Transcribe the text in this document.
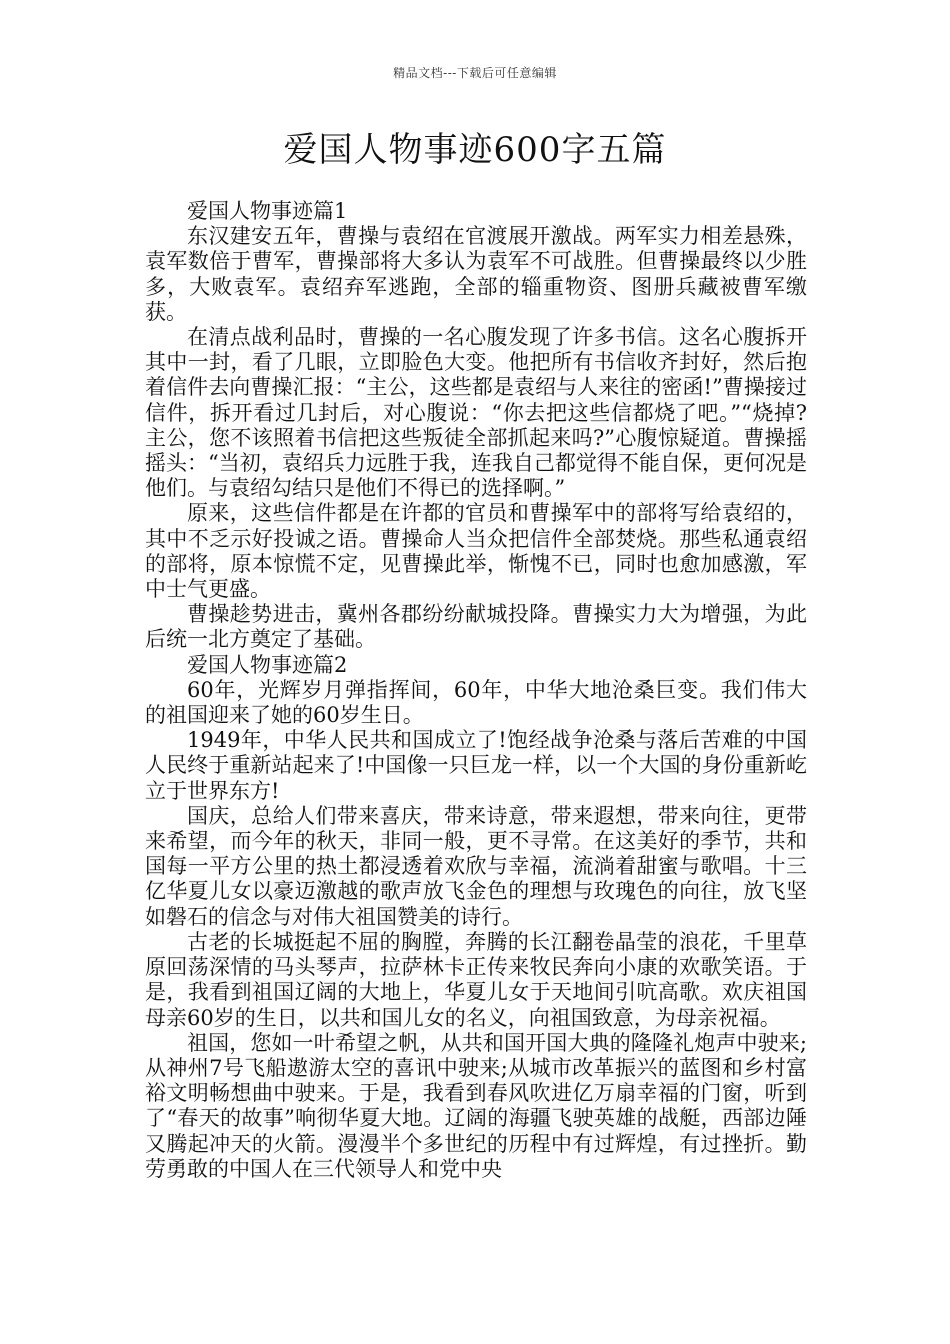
精品文档---下载后可任意编辑
爱国人物事迹600字五篇

爱国人物事迹篇1

东汉建安五年，曹操与袁绍在官渡展开激战。两军实力相差悬殊，袁军数倍于曹军，曹操部将大多认为袁军不可战胜。但曹操最终以少胜多，大败袁军。袁绍弃军逃跑，全部的辎重物资、图册兵藏被曹军缴获。

在清点战利品时，曹操的一名心腹发现了许多书信。这名心腹拆开其中一封，看了几眼，立即脸色大变。他把所有书信收齐封好，然后抱着信件去向曹操汇报：“主公，这些都是袁绍与人来往的密函!”曹操接过信件，拆开看过几封后，对心腹说：“你去把这些信都烧了吧。”“烧掉?主公，您不该照着书信把这些叛徒全部抓起来吗?”心腹惊疑道。曹操摇摇头：“当初，袁绍兵力远胜于我，连我自己都觉得不能自保，更何况是他们。与袁绍勾结只是他们不得已的选择啊。”

原来，这些信件都是在许都的官员和曹操军中的部将写给袁绍的，其中不乏示好投诚之语。曹操命人当众把信件全部焚烧。那些私通袁绍的部将，原本惊慌不定，见曹操此举，惭愧不已，同时也愈加感激，军中士气更盛。

曹操趁势进击，冀州各郡纷纷献城投降。曹操实力大为增强，为此后统一北方奠定了基础。

爱国人物事迹篇2

60年，光辉岁月弹指挥间，60年，中华大地沧桑巨变。我们伟大的祖国迎来了她的60岁生日。

1949年，中华人民共和国成立了!饱经战争沧桑与落后苦难的中国人民终于重新站起来了!中国像一只巨龙一样，以一个大国的身份重新屹立于世界东方!

国庆，总给人们带来喜庆，带来诗意，带来遐想，带来向往，更带来希望，而今年的秋天，非同一般，更不寻常。在这美好的季节，共和国每一平方公里的热土都浸透着欢欣与幸福，流淌着甜蜜与歌唱。十三亿华夏儿女以豪迈激越的歌声放飞金色的理想与玫瑰色的向往，放飞坚如磐石的信念与对伟大祖国赞美的诗行。

古老的长城挺起不屈的胸膛，奔腾的长江翻卷晶莹的浪花，千里草原回荡深情的马头琴声，拉萨林卡正传来牧民奔向小康的欢歌笑语。于是，我看到祖国辽阔的大地上，华夏儿女于天地间引吭高歌。欢庆祖国母亲60岁的生日，以共和国儿女的名义，向祖国致意，为母亲祝福。

祖国，您如一叶希望之帆，从共和国开国大典的隆隆礼炮声中驶来;从神州7号飞船遨游太空的喜讯中驶来;从城市改革振兴的蓝图和乡村富裕文明畅想曲中驶来。于是，我看到春风吹进亿万扇幸福的门窗，听到了“春天的故事”响彻华夏大地。辽阔的海疆飞驶英雄的战艇，西部边陲又腾起冲天的火箭。漫漫半个多世纪的历程中有过辉煌，有过挫折。勤劳勇敢的中国人在三代领导人和党中央
